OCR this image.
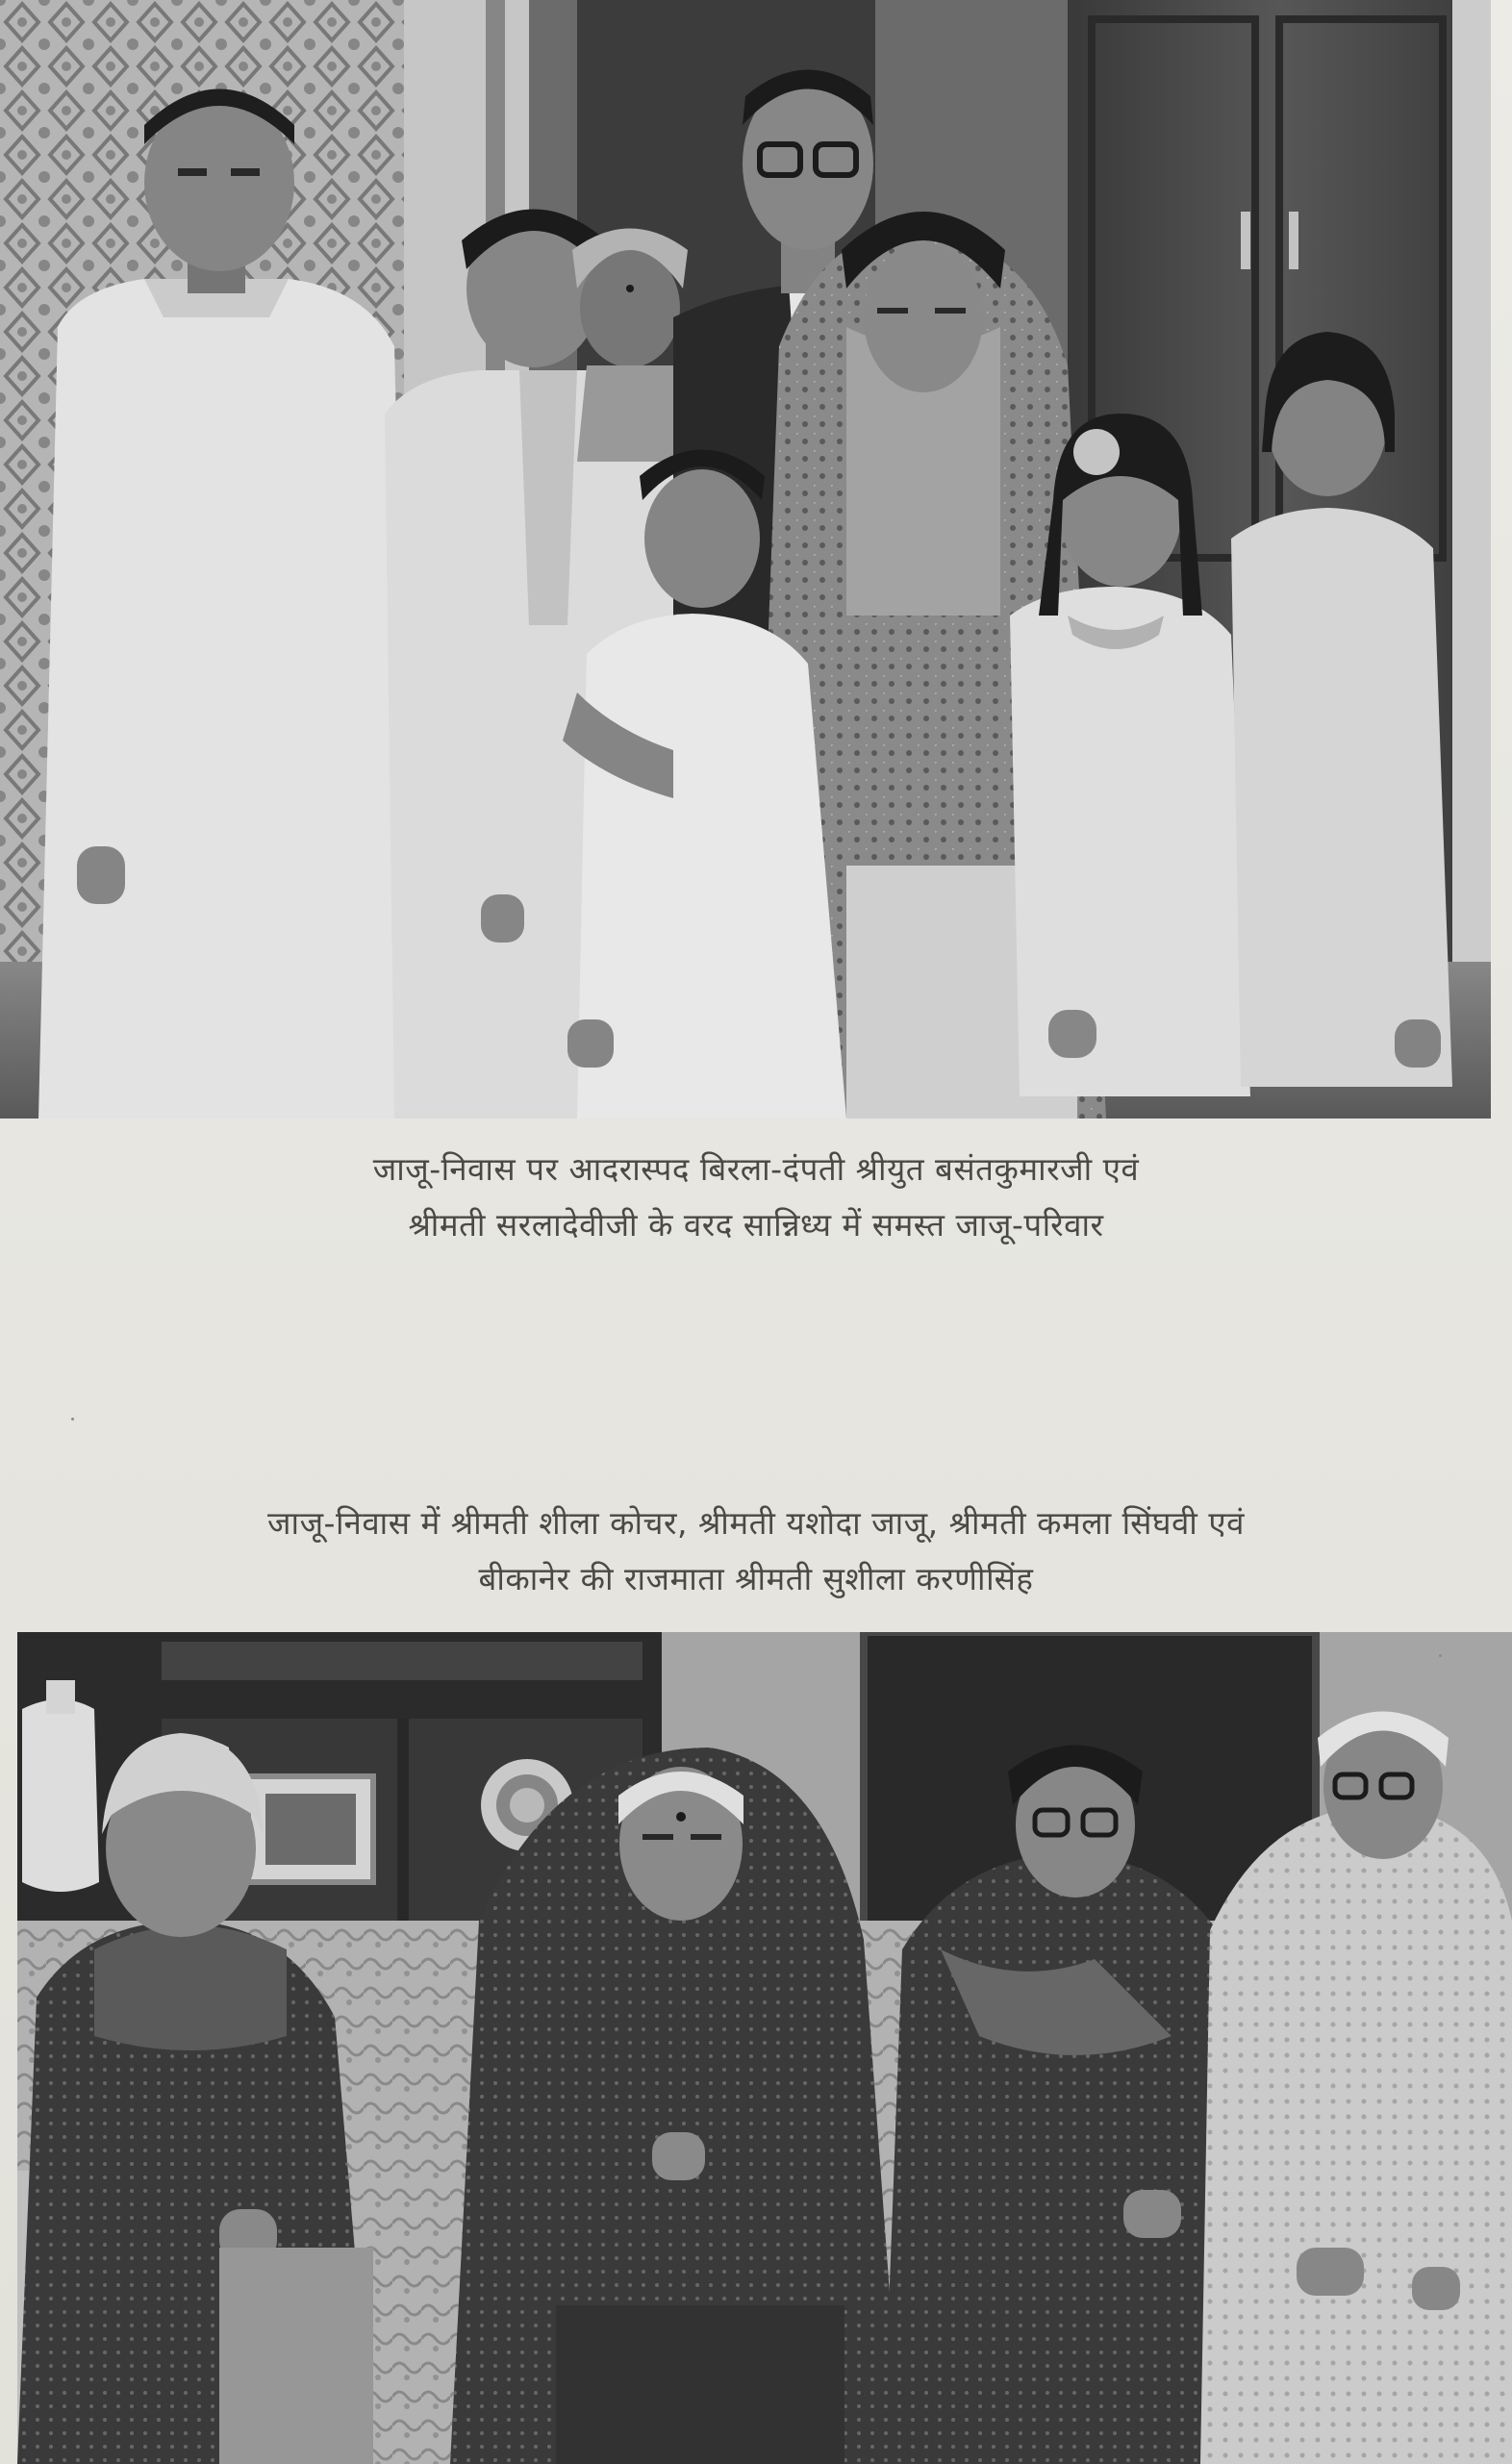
जाजू-निवास पर आदरास्पद बिरला-दंपती श्रीयुत बसंतकुमारजी एवं
श्रीमती सरलादेवीजी के वरद सान्निध्य में समस्त जाजू-परिवार
जाजू-निवास में श्रीमती शीला कोचर, श्रीमती यशोदा जाजू, श्रीमती कमला सिंघवी एवं
बीकानेर की राजमाता श्रीमती सुशीला करणीसिंह
